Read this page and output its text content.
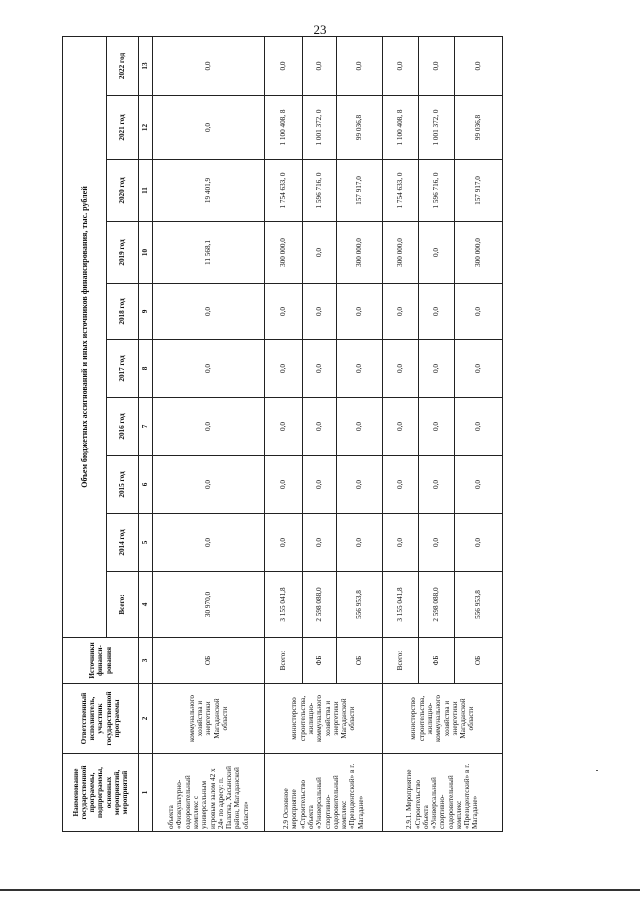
23
Наименование государственной программы, подпрограммы, основных мероприятий, мероприятий	Ответственный исполнитель, участник государственной программы	Источники финанси-рования	Объем бюджетных ассигнований и иных источников финансирования, тыс. рублей									
			Всего:	2014 год	2015 год	2016 год	2017 год	2018 год	2019 год	2020 год	2021 год	2022 год
1	2	3	4	5	6	7	8	9	10	11	12	13
объекта «Физкультурно-оздоровительный комплекс с универсальным игровым залом 42 х 24» по адресу: п. Палатка, Хасынский район, Магаданской области»	коммунального хозяйства и энергетики Магаданской области	ОБ	30 970,0	0,0	0,0	0,0	0,0	0,0	11 568,1	19 401,9	0,0	0,0
2.9 Основное мероприятие «Строительство объекта «Универсальный спортивно-оздоровительный комплекс «Президентский» в г. Магадане»	министерство строительства, жилищно-коммунального хозяйства и энергетики Магаданской области	Всего:	3 155 041,8	0,0	0,0	0,0	0,0	0,0	300 000,0	1 754 633, 0	1 100 408, 8	0,0
		ФБ	2 598 088,0	0,0	0,0	0,0	0,0	0,0	0,0	1 596 716, 0	1 001 372, 0	0,0
		ОБ	556 953,8	0,0	0,0	0,0	0,0	0,0	300 000,0	157 917,0	99 036,8	0,0
2.9.1. Мероприятие «Строительство объекта «Универсальный спортивно-оздоровительный комплекс «Президентский» в г. Магадане»	министерство строительства, жилищно-коммунального хозяйства и энергетики Магаданской области	Всего:	3 155 041,8	0,0	0,0	0,0	0,0	0,0	300 000,0	1 754 633, 0	1 100 408, 8	0,0
		ФБ	2 598 088,0	0,0	0,0	0,0	0,0	0,0	0,0	1 596 716, 0	1 001 372, 0	0,0
		ОБ	556 953,8	0,0	0,0	0,0	0,0	0,0	300 000,0	157 917,0	99 036,8	0,0
